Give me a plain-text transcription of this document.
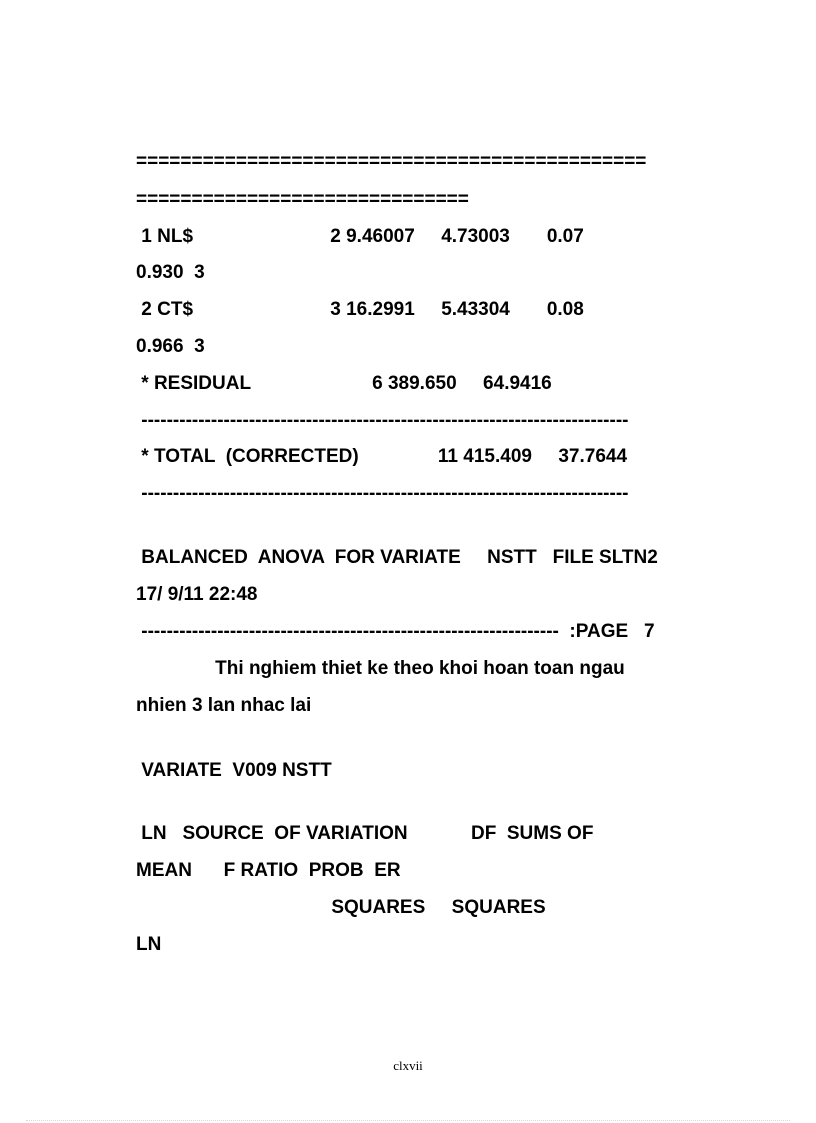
==============================================
==============================
1 NL$                          2 9.46007     4.73003       0.07
0.930  3
2 CT$                          3 16.2991     5.43304       0.08
0.966  3
* RESIDUAL                       6 389.650     64.9416
-----------------------------------------------------------------------------
* TOTAL  (CORRECTED)               11 415.409     37.7644
-----------------------------------------------------------------------------
BALANCED  ANOVA  FOR VARIATE     NSTT   FILE SLTN2
17/ 9/11 22:48
------------------------------------------------------------------  :PAGE   7
Thi nghiem thiet ke theo khoi hoan toan ngau
nhien 3 lan nhac lai
VARIATE  V009 NSTT
LN   SOURCE  OF VARIATION            DF  SUMS OF
MEAN      F RATIO  PROB  ER
SQUARES     SQUARES
LN
clxvii
